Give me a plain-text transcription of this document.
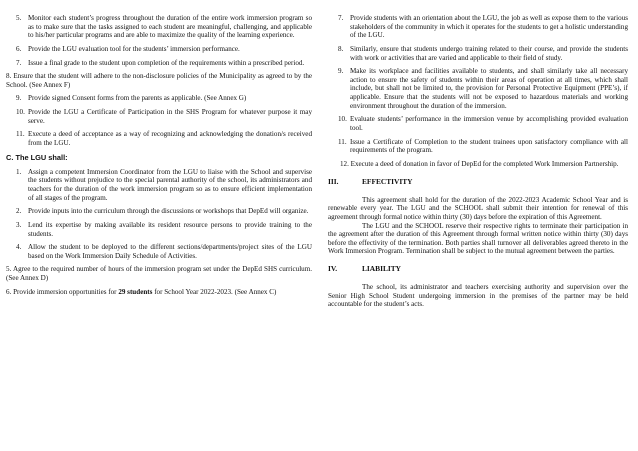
5. Monitor each student’s progress throughout the duration of the entire work immersion program so as to make sure that the tasks assigned to each student are meaningful, challenging, and applicable to his/her particular programs and are able to maximize the quality of the learning experience.
6. Provide the LGU evaluation tool for the students’ immersion performance.
7. Issue a final grade to the student upon completion of the requirements within a prescribed period.
8. Ensure that the student will adhere to the non-disclosure policies of the Municipality as agreed to by the School. (See Annex F)
9. Provide signed Consent forms from the parents as applicable. (See Annex G)
10. Provide the LGU a Certificate of Participation in the SHS Program for whatever purpose it may serve.
11. Execute a deed of acceptance as a way of recognizing and acknowledging the donation/s received from the LGU.
C. The LGU shall:
1. Assign a competent Immersion Coordinator from the LGU to liaise with the School and supervise the students without prejudice to the special parental authority of the school, its administrators and teachers for the duration of the work immersion program so as to ensure efficient implementation of all stages of the program.
2. Provide inputs into the curriculum through the discussions or workshops that DepEd will organize.
3. Lend its expertise by making available its resident resource persons to provide training to the students.
4. Allow the student to be deployed to the different sections/departments/project sites of the LGU based on the Work Immersion Daily Schedule of Activities.
5. Agree to the required number of hours of the immersion program set under the DepEd SHS curriculum. (See Annex D)
6. Provide immersion opportunities for 29 students for School Year 2022-2023. (See Annex C)
7. Provide students with an orientation about the LGU, the job as well as expose them to the various stakeholders of the community in which it operates for the students to get a holistic understanding of the LGU.
8. Similarly, ensure that students undergo training related to their course, and provide the students with work or activities that are varied and applicable to their field of study.
9. Make its workplace and facilities available to students, and shall similarly take all necessary action to ensure the safety of students within their areas of operation at all times, which shall include, but shall not be limited to, the provision for Personal Protective Equipment (PPE’s), if applicable. Ensure that the students will not be exposed to hazardous materials and working environment throughout the duration of the immersion.
10. Evaluate students’ performance in the immersion venue by accomplishing provided evaluation tool.
11. Issue a Certificate of Completion to the student trainees upon satisfactory compliance with all requirements of the program.
12. Execute a deed of donation in favor of DepEd for the completed Work Immersion Partnership.
III.	EFFECTIVITY

This agreement shall hold for the duration of the 2022-2023 Academic School Year and is renewable every year. The LGU and the SCHOOL shall submit their intention for renewal of this agreement through formal notice within thirty (30) days before the expiration of this Agreement.

The LGU and the SCHOOL reserve their respective rights to terminate their participation in the agreement after the duration of this Agreement through formal written notice within thirty (30) days before the effectivity of the termination. Both parties shall turnover all deliverables agreed thereto in the Work Immersion Program. Termination shall be subject to the mutual agreement between the parties.

IV.	LIABILITY

The school, its administrator and teachers exercising authority and supervision over the Senior High School Student undergoing immersion in the premises of the partner may be held accountable for the student’s acts.
